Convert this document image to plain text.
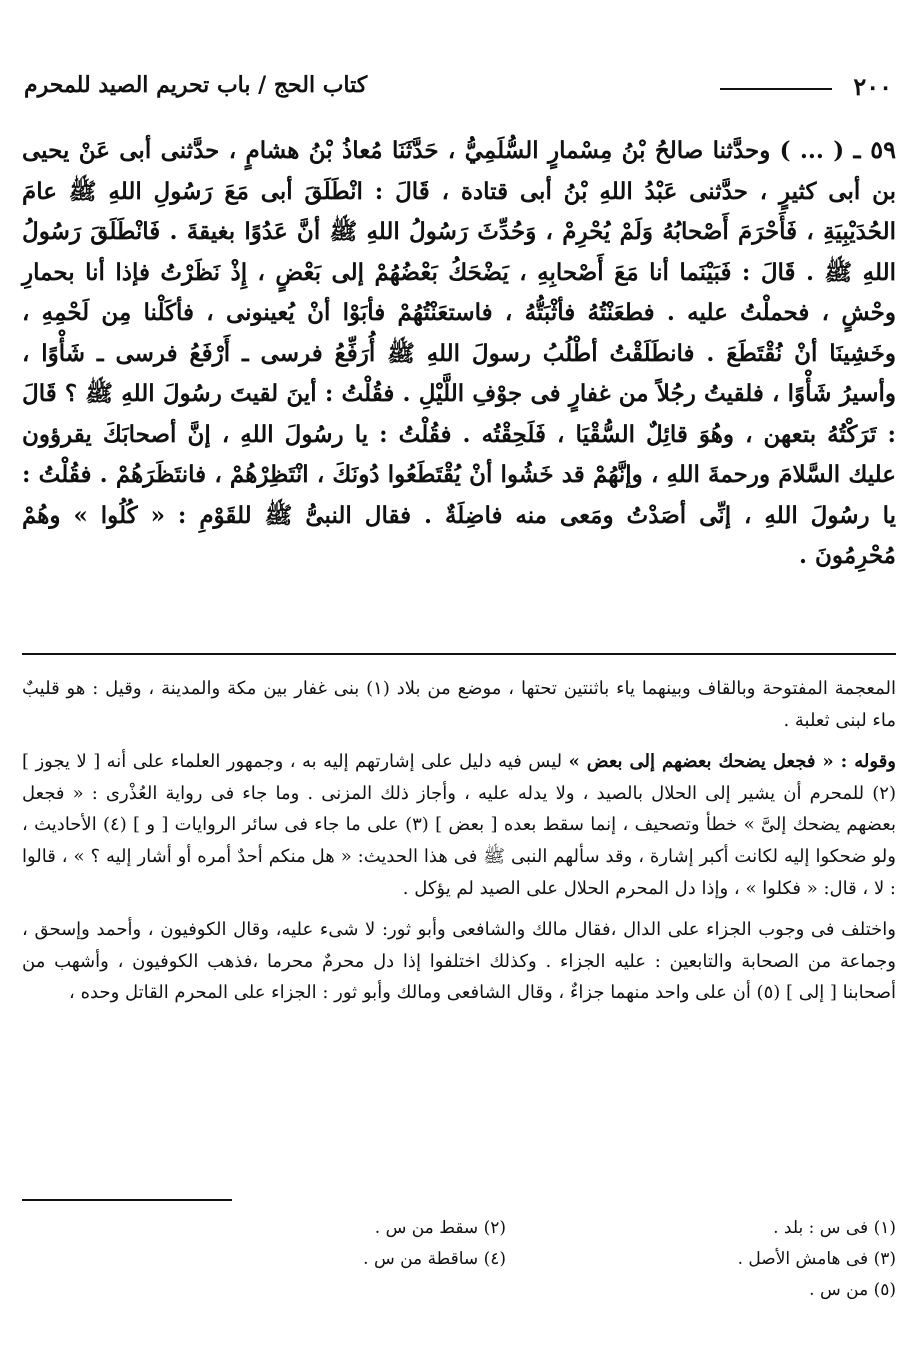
٢٠٠
كتاب الحج / باب تحريم الصيد للمحرم
٥٩ ـ ( ... ) وحدَّثنا صالحُ بْنُ مِسْمارٍ السُّلَمِيُّ ، حَدَّثَنَا مُعاذُ بْنُ هشامٍ ، حدَّثنى أبى عَنْ يحيى بن أبى كثيرٍ ، حدَّثنى عَبْدُ اللهِ بْنُ أبى قتادة ، قَالَ : انْطَلَقَ أبى مَعَ رَسُولِ اللهِ ﷺ عامَ الحُدَيْبِيَةِ ، فَأَحْرَمَ أَصْحابُهُ وَلَمْ يُحْرِمْ ، وَحُدِّثَ رَسُولُ اللهِ ﷺ أنَّ عَدُوًا بغيقةَ . فَانْطَلَقَ رَسُولُ اللهِ ﷺ . قَالَ : فَبَيْنَما أنا مَعَ أَصْحابِهِ ، يَضْحَكُ بَعْضُهُمْ إلى بَعْضٍ ، إِذْ نَظَرْتُ فإذا أنا بحمارِ وحْشٍ ، فحملْتُ عليه . فطعَنْتُهُ فأثْبَتُّهُ ، فاستعَنْتُهُمْ فأبَوْا أنْ يُعينونى ، فأكَلْنا مِن لَحْمِهِ ، وخَشِينَا أنْ نُقْتَطَعَ . فانطَلَقْتُ أطْلُبُ رسولَ اللهِ ﷺ أُرَفِّعُ فرسى ـ أَرْفَعُ فرسى ـ شَأْوًا ، وأسيرُ شَأْوًا ، فلقيتُ رجُلاً من غفارٍ فى جوْفِ اللَّيْلِ . فقُلْتُ : أينَ لقيتَ رسُولَ اللهِ ﷺ ؟ قَالَ : تَرَكْتُهُ بتعهن ، وهُوَ قائِلٌ السُّقْيَا ، فَلَحِقْتُه . فقُلْتُ : يا رسُولَ اللهِ ، إنَّ أصحابَكَ يقرؤون عليك السَّلامَ ورحمةَ اللهِ ، وإنَّهُمْ قد خَشُوا أنْ يُقْتَطَعُوا دُونَكَ ، انْتَظِرْهُمْ ، فانتَظَرَهُمْ . فقُلْتُ : يا رسُولَ اللهِ ، إنِّى أصَدْتُ ومَعى منه فاضِلَةٌ . فقال النبىُّ ﷺ للقَوْمِ : « كُلُوا » وهُمْ مُحْرِمُونَ .

المعجمة المفتوحة وبالقاف وبينهما ياء باثنتين تحتها ، موضع من بلاد (١) بنى غفار بين مكة والمدينة ، وقيل : هو قليبٌ ماء لبنى ثعلبة .

وقوله : « فجعل يضحك بعضهم إلى بعض » ليس فيه دليل على إشارتهم إليه به ، وجمهور العلماء على أنه [ لا يجوز ] (٢) للمحرم أن يشير إلى الحلال بالصيد ، ولا يدله عليه ، وأجاز ذلك المزنى . وما جاء فى رواية العُذْرى : « فجعل بعضهم يضحك إلىَّ » خطأ وتصحيف ، إنما سقط بعده [ بعض ] (٣) على ما جاء فى سائر الروايات [ و ] (٤) الأحاديث ، ولو ضحكوا إليه لكانت أكبر إشارة ، وقد سألهم النبى ﷺ فى هذا الحديث: « هل منكم أحدٌ أمره أو أشار إليه ؟ » ، قالوا : لا ، قال: « فكلوا » ، وإذا دل المحرم الحلال على الصيد لم يؤكل .

واختلف فى وجوب الجزاء على الدال ،فقال مالك والشافعى وأبو ثور: لا شىء عليه، وقال الكوفيون ، وأحمد وإسحق ، وجماعة من الصحابة والتابعين : عليه الجزاء . وكذلك اختلفوا إذا دل محرمٌ محرما ،فذهب الكوفيون ، وأشهب من أصحابنا [ إلى ] (٥) أن على واحد منهما جزاءٌ ، وقال الشافعى ومالك وأبو ثور : الجزاء على المحرم القاتل وحده ،

(١) فى س : بلد .
(٢) سقط من س .
(٣) فى هامش الأصل .
(٤) ساقطة من س .
(٥) من س .
